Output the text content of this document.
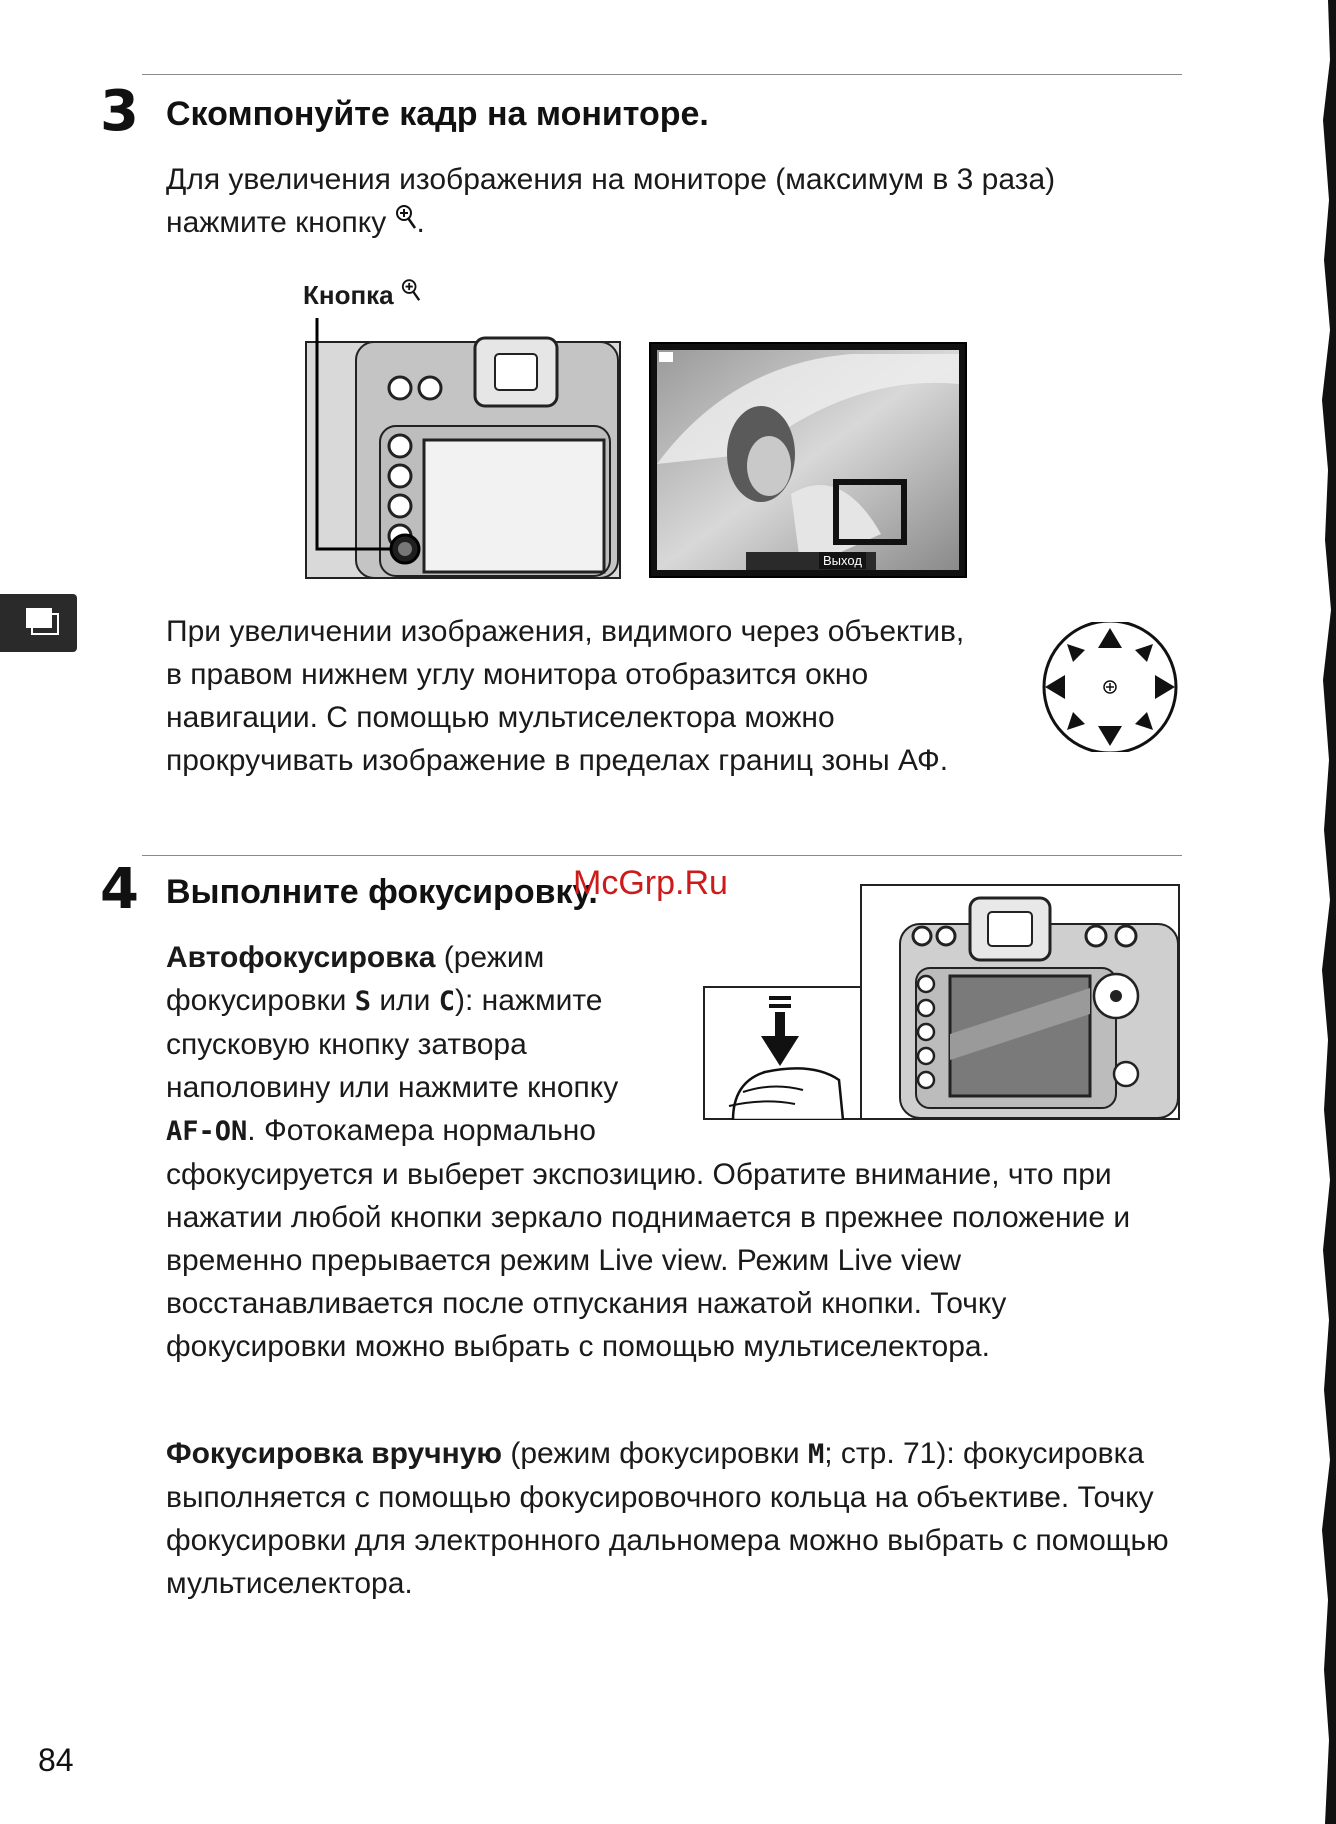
3 Скомпонуйте кадр на мониторе.

Для увеличения изображения на мониторе (максимум в 3 раза) нажмите кнопку .

Кнопка
Выход

При увеличении изображения, видимого через объектив, в правом нижнем углу монитора отобразится окно навигации. С помощью мультиселектора можно прокручивать изображение в пределах границ зоны АФ.

4 Выполните фокусировку.
McGrp.Ru

Автофокусировка (режим фокусировки S или C): нажмите спусковую кнопку затвора наполовину или нажмите кнопку AF-ON. Фотокамера нормально сфокусируется и выберет экспозицию. Обратите внимание, что при нажатии любой кнопки зеркало поднимается в прежнее положение и временно прерывается режим Live view. Режим Live view восстанавливается после отпускания нажатой кнопки. Точку фокусировки можно выбрать с помощью мультиселектора.

Фокусировка вручную (режим фокусировки M; стр. 71): фокусировка выполняется с помощью фокусировочного кольца на объективе. Точку фокусировки для электронного дальномера можно выбрать с помощью мультиселектора.

84
